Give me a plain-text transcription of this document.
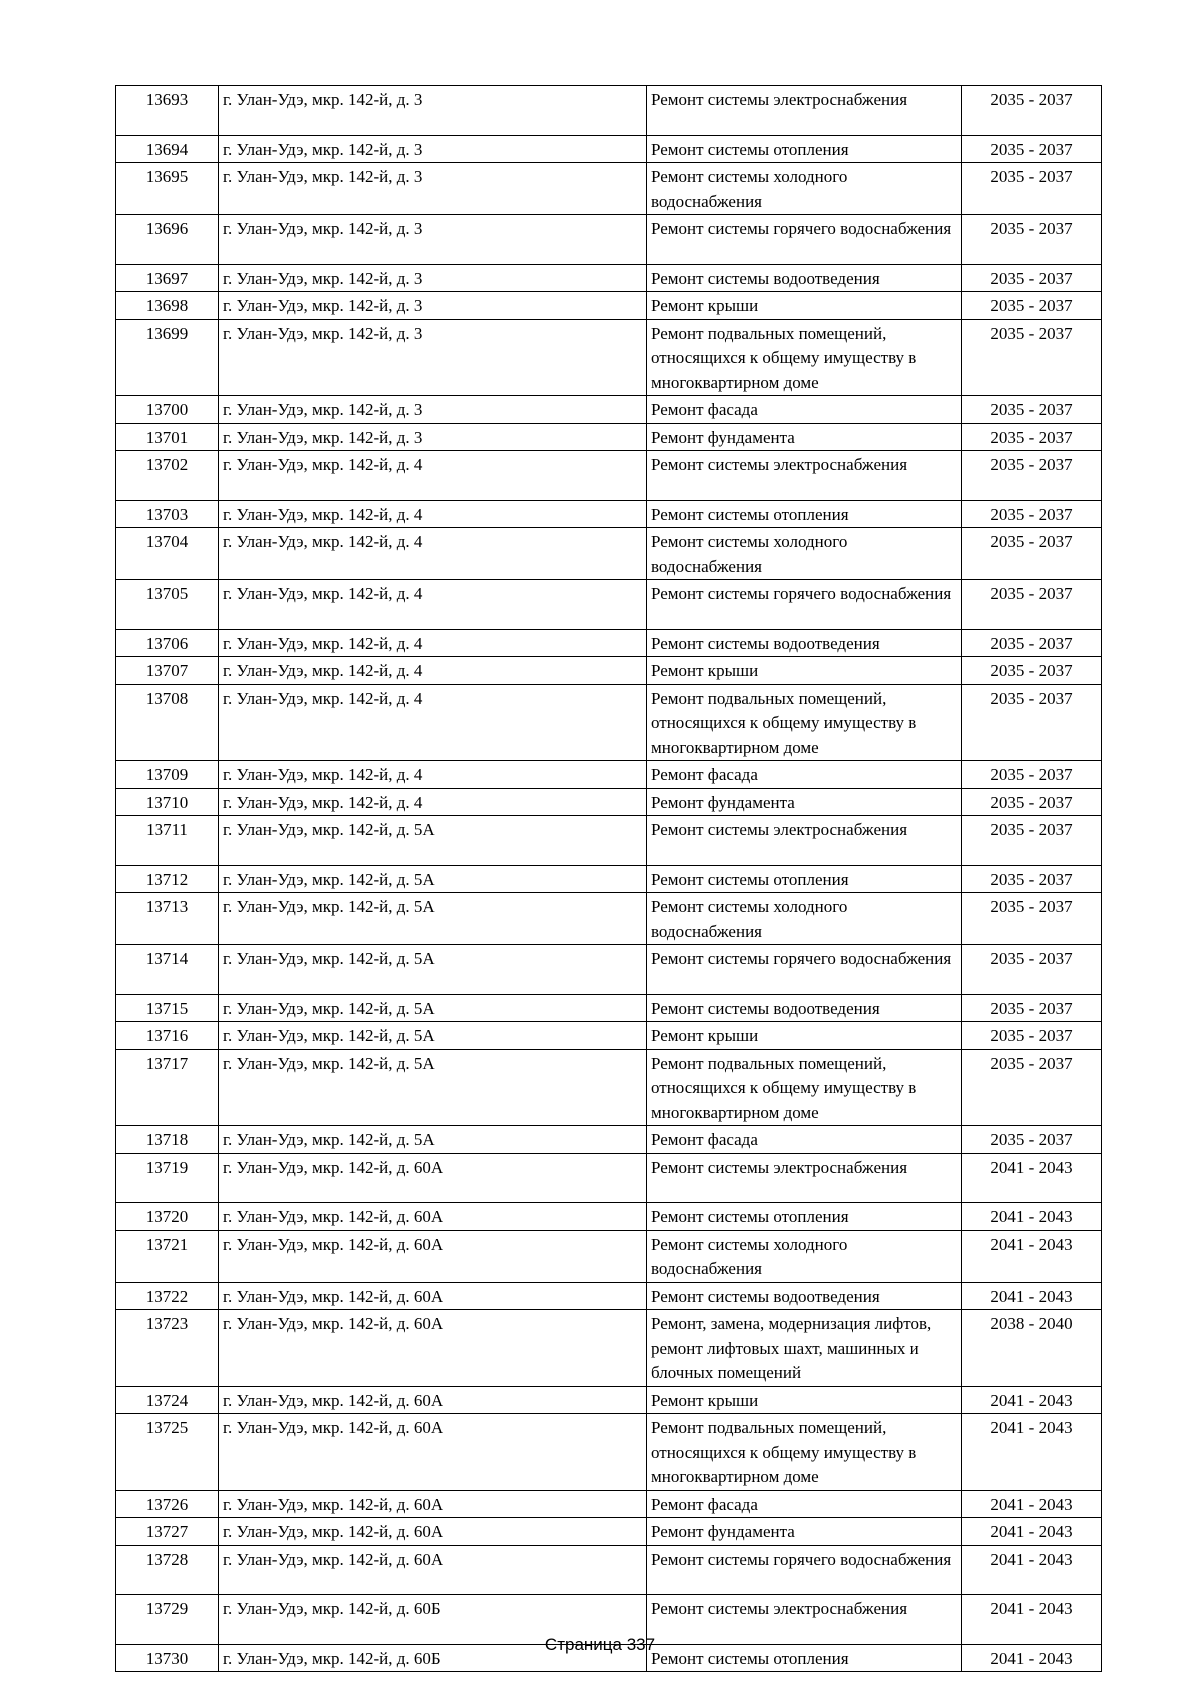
13693	г. Улан-Удэ, мкр. 142-й, д. 3	Ремонт системы электроснабжения	2035 - 2037
13694	г. Улан-Удэ, мкр. 142-й, д. 3	Ремонт системы отопления	2035 - 2037
13695	г. Улан-Удэ, мкр. 142-й, д. 3	Ремонт системы холодного водоснабжения	2035 - 2037
13696	г. Улан-Удэ, мкр. 142-й, д. 3	Ремонт системы горячего водоснабжения	2035 - 2037
13697	г. Улан-Удэ, мкр. 142-й, д. 3	Ремонт системы водоотведения	2035 - 2037
13698	г. Улан-Удэ, мкр. 142-й, д. 3	Ремонт крыши	2035 - 2037
13699	г. Улан-Удэ, мкр. 142-й, д. 3	Ремонт подвальных помещений, относящихся к общему имуществу в многоквартирном доме	2035 - 2037
13700	г. Улан-Удэ, мкр. 142-й, д. 3	Ремонт фасада	2035 - 2037
13701	г. Улан-Удэ, мкр. 142-й, д. 3	Ремонт фундамента	2035 - 2037
13702	г. Улан-Удэ, мкр. 142-й, д. 4	Ремонт системы электроснабжения	2035 - 2037
13703	г. Улан-Удэ, мкр. 142-й, д. 4	Ремонт системы отопления	2035 - 2037
13704	г. Улан-Удэ, мкр. 142-й, д. 4	Ремонт системы холодного водоснабжения	2035 - 2037
13705	г. Улан-Удэ, мкр. 142-й, д. 4	Ремонт системы горячего водоснабжения	2035 - 2037
13706	г. Улан-Удэ, мкр. 142-й, д. 4	Ремонт системы водоотведения	2035 - 2037
13707	г. Улан-Удэ, мкр. 142-й, д. 4	Ремонт крыши	2035 - 2037
13708	г. Улан-Удэ, мкр. 142-й, д. 4	Ремонт подвальных помещений, относящихся к общему имуществу в многоквартирном доме	2035 - 2037
13709	г. Улан-Удэ, мкр. 142-й, д. 4	Ремонт фасада	2035 - 2037
13710	г. Улан-Удэ, мкр. 142-й, д. 4	Ремонт фундамента	2035 - 2037
13711	г. Улан-Удэ, мкр. 142-й, д. 5А	Ремонт системы электроснабжения	2035 - 2037
13712	г. Улан-Удэ, мкр. 142-й, д. 5А	Ремонт системы отопления	2035 - 2037
13713	г. Улан-Удэ, мкр. 142-й, д. 5А	Ремонт системы холодного водоснабжения	2035 - 2037
13714	г. Улан-Удэ, мкр. 142-й, д. 5А	Ремонт системы горячего водоснабжения	2035 - 2037
13715	г. Улан-Удэ, мкр. 142-й, д. 5А	Ремонт системы водоотведения	2035 - 2037
13716	г. Улан-Удэ, мкр. 142-й, д. 5А	Ремонт крыши	2035 - 2037
13717	г. Улан-Удэ, мкр. 142-й, д. 5А	Ремонт подвальных помещений, относящихся к общему имуществу в многоквартирном доме	2035 - 2037
13718	г. Улан-Удэ, мкр. 142-й, д. 5А	Ремонт фасада	2035 - 2037
13719	г. Улан-Удэ, мкр. 142-й, д. 60А	Ремонт системы электроснабжения	2041 - 2043
13720	г. Улан-Удэ, мкр. 142-й, д. 60А	Ремонт системы отопления	2041 - 2043
13721	г. Улан-Удэ, мкр. 142-й, д. 60А	Ремонт системы холодного водоснабжения	2041 - 2043
13722	г. Улан-Удэ, мкр. 142-й, д. 60А	Ремонт системы водоотведения	2041 - 2043
13723	г. Улан-Удэ, мкр. 142-й, д. 60А	Ремонт, замена, модернизация лифтов, ремонт лифтовых шахт, машинных и блочных помещений	2038 - 2040
13724	г. Улан-Удэ, мкр. 142-й, д. 60А	Ремонт крыши	2041 - 2043
13725	г. Улан-Удэ, мкр. 142-й, д. 60А	Ремонт подвальных помещений, относящихся к общему имуществу в многоквартирном доме	2041 - 2043
13726	г. Улан-Удэ, мкр. 142-й, д. 60А	Ремонт фасада	2041 - 2043
13727	г. Улан-Удэ, мкр. 142-й, д. 60А	Ремонт фундамента	2041 - 2043
13728	г. Улан-Удэ, мкр. 142-й, д. 60А	Ремонт системы горячего водоснабжения	2041 - 2043
13729	г. Улан-Удэ, мкр. 142-й, д. 60Б	Ремонт системы электроснабжения	2041 - 2043
13730	г. Улан-Удэ, мкр. 142-й, д. 60Б	Ремонт системы отопления	2041 - 2043
Страница 337
